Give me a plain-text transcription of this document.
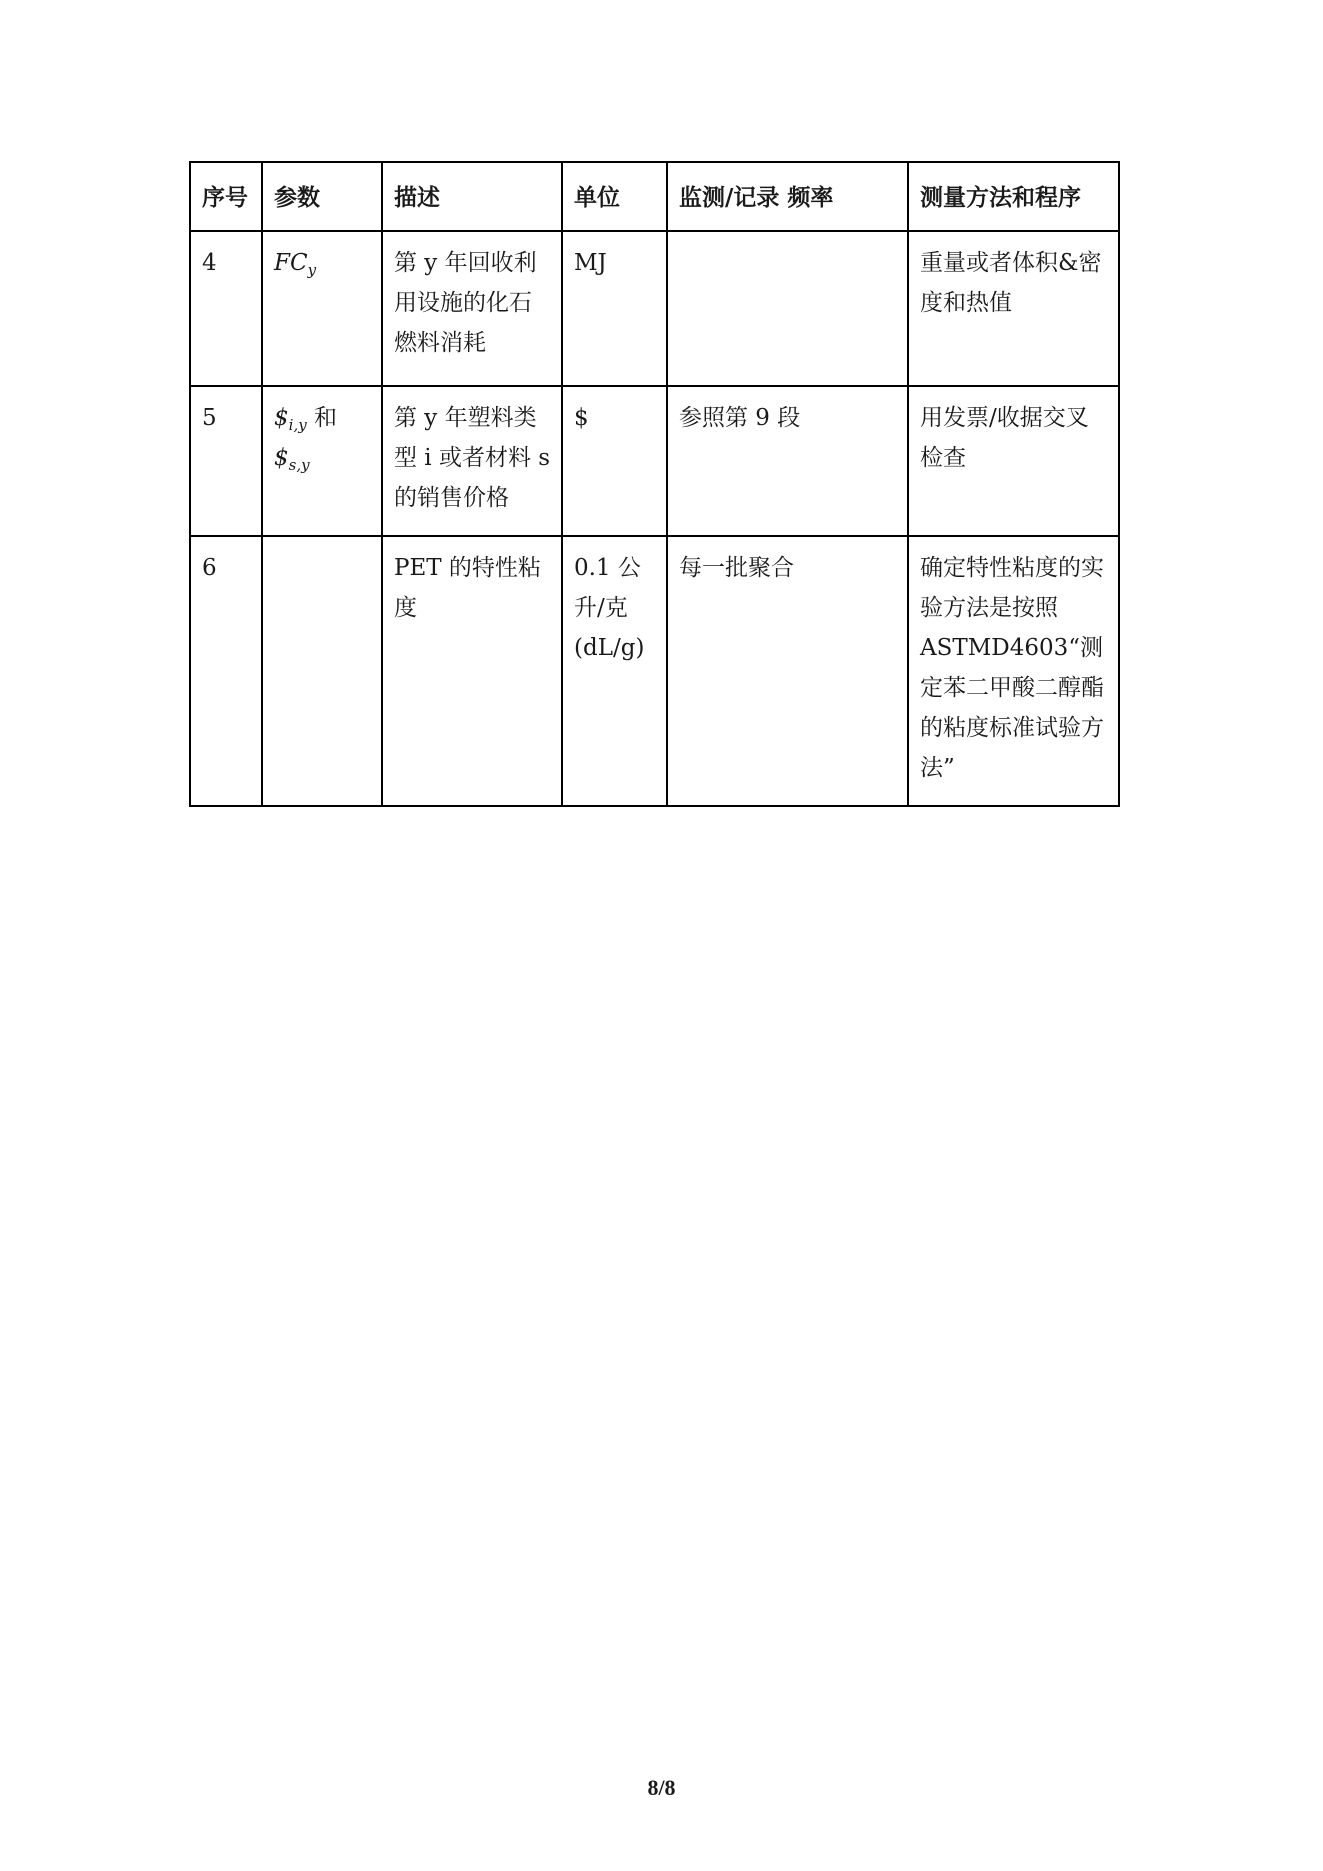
序号	参数	描述	单位	监测/记录 频率	测量方法和程序
4	$FC_y$	第 y 年回收利用设施的化石燃料消耗	MJ		重量或者体积&密度和热值
5	$\$_{i,y}$ 和 $\$_{s,y}$	第 y 年塑料类型 i 或者材料 s 的销售价格	$	参照第 9 段	用发票/收据交叉检查
6		PET 的特性粘度	0.1 公升/克 (dL/g)	每一批聚合	确定特性粘度的实验方法是按照 ASTMD4603“测定苯二甲酸二醇酯的粘度标准试验方法”
8/8
